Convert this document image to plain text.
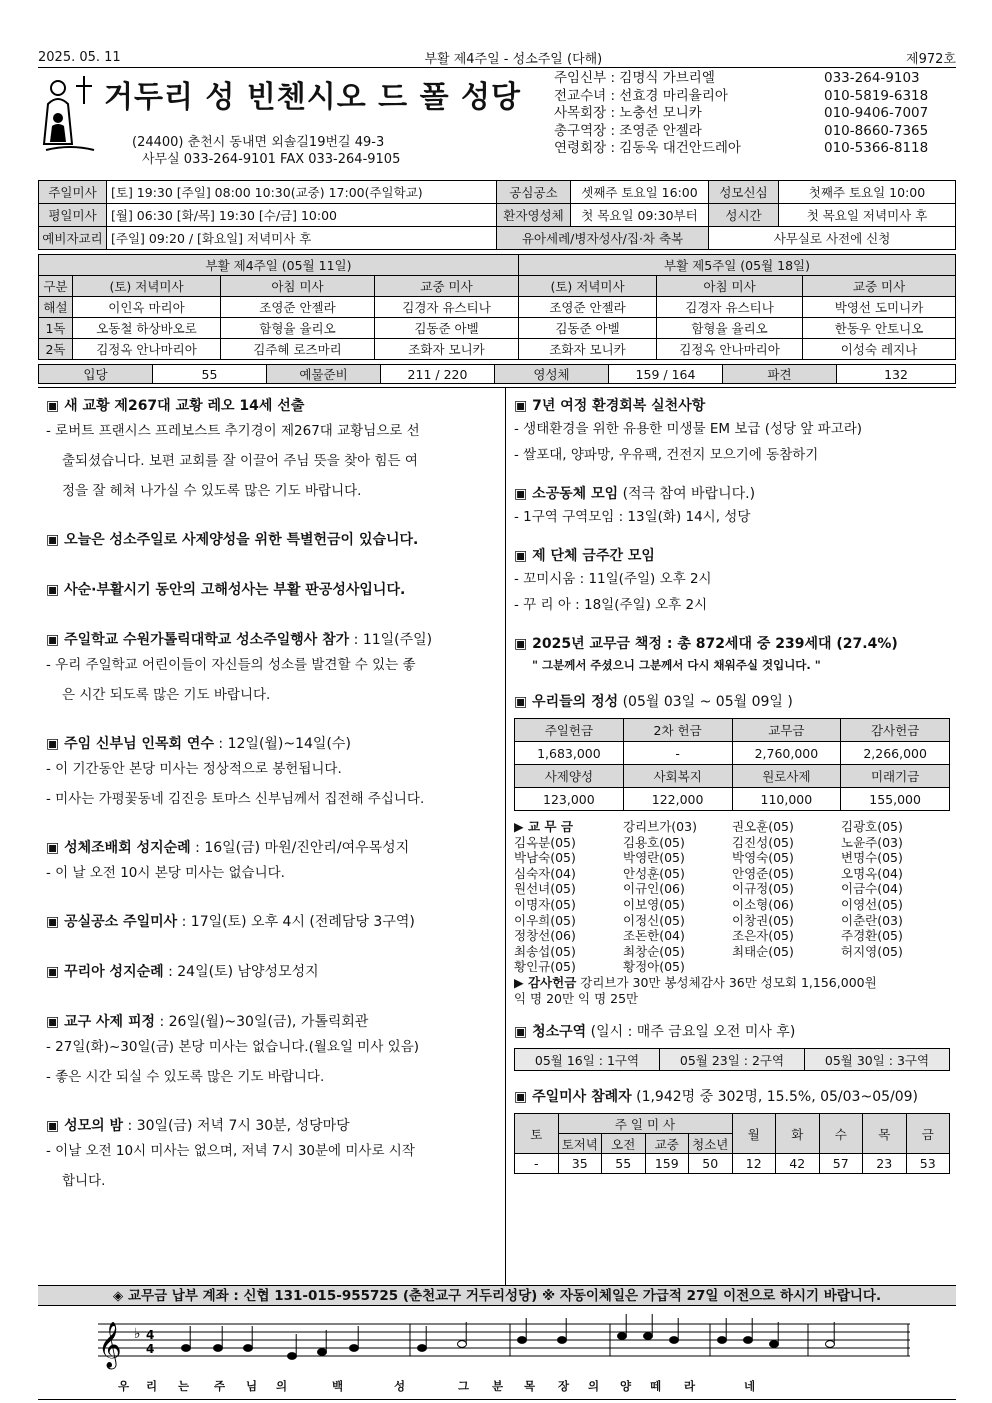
2025. 05. 11	부활 제4주일 - 성소주일 (다해)	제972호
거두리 성 빈첸시오 드 폴 성당
(24400) 춘천시 동내면 외솔길19번길 49-3
사무실 033-264-9101 FAX 033-264-9105
주임신부 : 김명식 가브리엘	033-264-9103
전교수녀 : 선효경 마리율리아	010-5819-6318
사목회장 : 노충선 모니카	010-9406-7007
총구역장 : 조영준 안젤라	010-8660-7365
연령회장 : 김동욱 대건안드레아	010-5366-8118
주일미사	[토] 19:30 [주일] 08:00 10:30(교중) 17:00(주일학교)	공심공소	셋째주 토요일 16:00	성모신심	첫째주 토요일 10:00
평일미사	[월] 06:30 [화/목] 19:30 [수/금] 10:00	환자영성체	첫 목요일 09:30부터	성시간	첫 목요일 저녁미사 후
예비자교리	[주일] 09:20 / [화요일] 저녁미사 후	유아세례/병자성사/집·차 축복		사무실로 사전에 신청	
부활 제4주일 (05월 11일)				부활 제5주일 (05월 18일)		
구분	(토) 저녁미사	아침 미사	교중 미사	(토) 저녁미사	아침 미사	교중 미사
해설	이인옥 마리아	조영준 안젤라	김경자 유스티나	조영준 안젤라	김경자 유스티나	박영선 도미니카
1독	오동철 하상바오로	함형율 율리오	김동준 아벨	김동준 아벨	함형율 율리오	한동우 안토니오
2독	김정옥 안나마리아	김주혜 로즈마리	조화자 모니카	조화자 모니카	김정옥 안나마리아	이성숙 레지나
입당	55	예물준비	211 / 220	영성체	159 / 164	파견	132
▣ 새 교황 제267대 교황 레오 14세 선출
- 로버트 프랜시스 프레보스트 추기경이 제267대 교황님으로 선
출되셨습니다. 보편 교회를 잘 이끌어 주님 뜻을 찾아 힘든 여
정을 잘 헤쳐 나가실 수 있도록 많은 기도 바랍니다.
▣ 오늘은 성소주일로 사제양성을 위한 특별헌금이 있습니다.
▣ 사순·부활시기 동안의 고해성사는 부활 판공성사입니다.
▣ 주일학교 수원가톨릭대학교 성소주일행사 참가 : 11일(주일)
- 우리 주일학교 어린이들이 자신들의 성소를 발견할 수 있는 좋
은 시간 되도록 많은 기도 바랍니다.
▣ 주임 신부님 인목회 연수 : 12일(월)~14일(수)
- 이 기간동안 본당 미사는 정상적으로 봉헌됩니다.
- 미사는 가평꽃동네 김진응 토마스 신부님께서 집전해 주십니다.
▣ 성체조배회 성지순례 : 16일(금) 마원/진안리/여우목성지
- 이 날 오전 10시 본당 미사는 없습니다.
▣ 공실공소 주일미사 : 17일(토) 오후 4시 (전례담당 3구역)
▣ 꾸리아 성지순례 : 24일(토) 남양성모성지
▣ 교구 사제 피정 : 26일(월)~30일(금), 가톨릭회관
- 27일(화)~30일(금) 본당 미사는 없습니다.(월요일 미사 있음)
- 좋은 시간 되실 수 있도록 많은 기도 바랍니다.
▣ 성모의 밤 : 30일(금) 저녁 7시 30분, 성당마당
- 이날 오전 10시 미사는 없으며, 저녁 7시 30분에 미사로 시작
합니다.
▣ 7년 여정 환경회복 실천사항
- 생태환경을 위한 유용한 미생물 EM 보급 (성당 앞 파고라)
- 쌀포대, 양파망, 우유팩, 건전지 모으기에 동참하기
▣ 소공동체 모임 (적극 참여 바랍니다.)
- 1구역 구역모임 : 13일(화) 14시, 성당
▣ 제 단체 금주간 모임
- 꼬미시움 : 11일(주일) 오후 2시
- 꾸 리 아 : 18일(주일) 오후 2시
▣ 2025년 교무금 책정 : 총 872세대 중 239세대 (27.4%)
" 그분께서 주셨으니 그분께서 다시 채워주실 것입니다. "
▣ 우리들의 정성 (05월 03일 ~ 05월 09일 )
주일헌금	2차 헌금	교무금	감사헌금
1,683,000	-	2,760,000	2,266,000
사제양성	사회복지	원로사제	미래기금
123,000	122,000	110,000	155,000
▶ 교 무 금	강리브가(03)	권오훈(05)	김광호(05)
김옥분(05)	김용호(05)	김진성(05)	노윤주(03)
박남숙(05)	박영란(05)	박영숙(05)	변명수(05)
심숙자(04)	안성훈(05)	안영준(05)	오명옥(04)
원선녀(05)	이규인(06)	이규정(05)	이금수(04)
이명자(05)	이보영(05)	이소형(06)	이영선(05)
이우희(05)	이정신(05)	이창권(05)	이춘란(03)
정창선(06)	조돈한(04)	조은자(05)	주경환(05)
최송섭(05)	최창순(05)	최태순(05)	허지영(05)
황인규(05)	황정아(05)
▶ 감사헌금 강리브가 30만 봉성체감사 36만 성모회 1,156,000원
익 명 20만 익 명 25만
▣ 청소구역 (일시 : 매주 금요일 오전 미사 후)
05월 16일 : 1구역	05월 23일 : 2구역	05월 30일 : 3구역
▣ 주일미사 참례자 (1,942명 중 302명, 15.5%, 05/03~05/09)
토	주 일 미 사				월	화	수	목	금
	토저녁	오전	교중	청소년					
-	35	55	159	50	12	42	57	23	53
◈ 교무금 납부 계좌 : 신협 131-015-955725 (춘천교구 거두리성당) ※ 자동이체일은 가급적 27일 이전으로 하시기 바랍니다.
𝄞 ♭ 4
4
우	리	는	주	님	의	백	성	그	분	목	장	의	양	떼	라	네
